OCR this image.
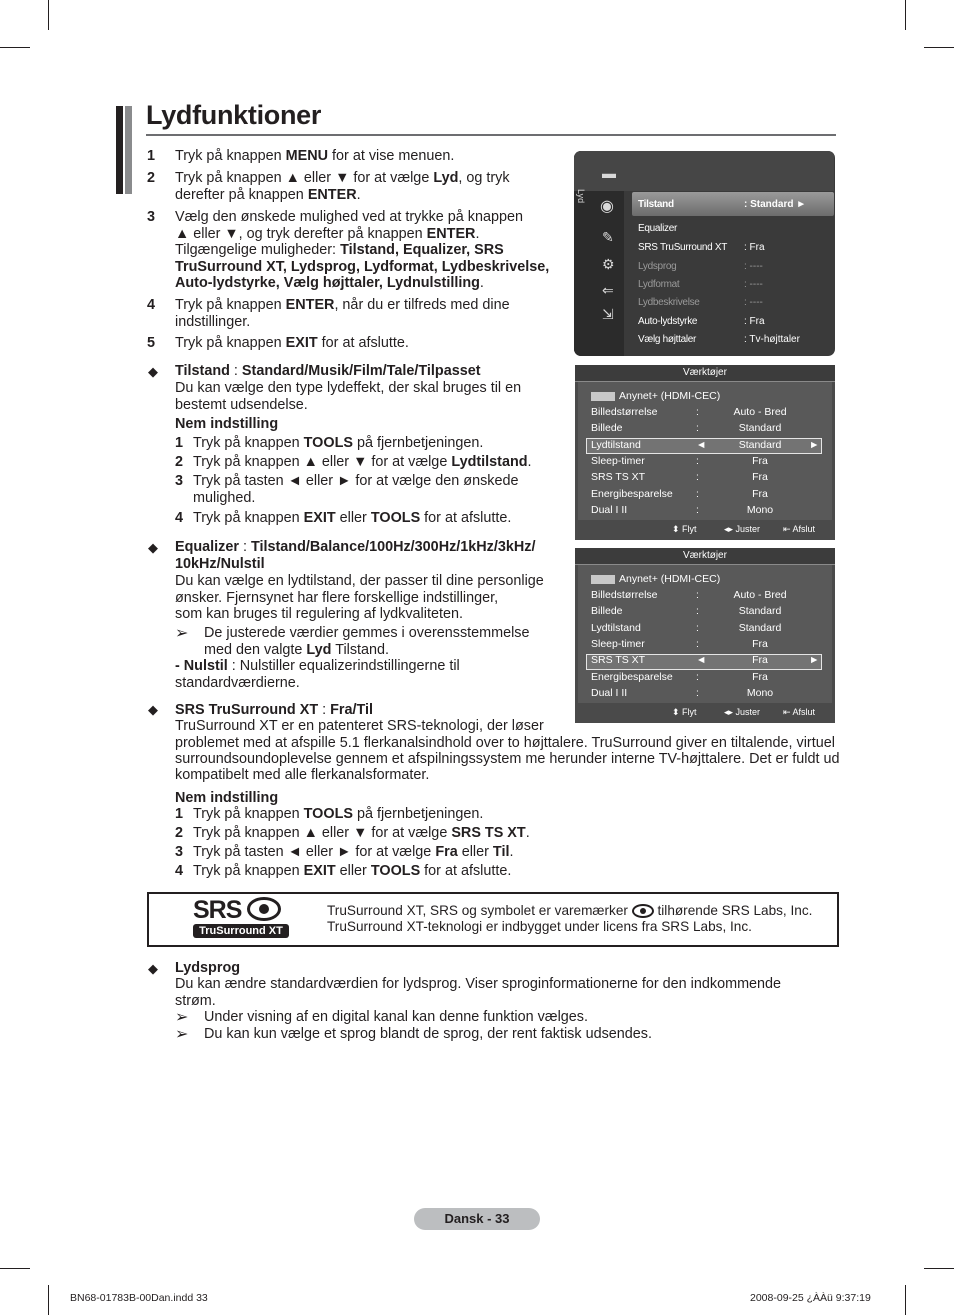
Lydfunktioner
1 Tryk på knappen MENU for at vise menuen.
2 Tryk på knappen ▲ eller ▼ for at vælge Lyd, og tryk
derefter på knappen ENTER.
3 Vælg den ønskede mulighed ved at trykke på knappen
▲ eller ▼, og tryk derefter på knappen ENTER.
Tilgængelige muligheder: Tilstand, Equalizer, SRS
TruSurround XT, Lydsprog, Lydformat, Lydbeskrivelse,
Auto-lydstyrke, Vælg højttaler, Lydnulstilling.
4 Tryk på knappen ENTER, når du er tilfreds med dine
indstillinger.
5 Tryk på knappen EXIT for at afslutte.
◆ Tilstand : Standard/Musik/Film/Tale/Tilpasset
Du kan vælge den type lydeffekt, der skal bruges til en
bestemt udsendelse.
Nem indstilling
1 Tryk på knappen TOOLS på fjernbetjeningen.
2 Tryk på knappen ▲ eller ▼ for at vælge Lydtilstand.
3 Tryk på tasten ◄ eller ► for at vælge den ønskede
mulighed.
4 Tryk på knappen EXIT eller TOOLS for at afslutte.
◆ Equalizer : Tilstand/Balance/100Hz/300Hz/1kHz/3kHz/
10kHz/Nulstil
Du kan vælge en lydtilstand, der passer til dine personlige
ønsker. Fjernsynet har flere forskellige indstillinger,
som kan bruges til regulering af lydkvaliteten.
➢ De justerede værdier gemmes i overensstemmelse
med den valgte Lyd Tilstand.
- Nulstil : Nulstiller equalizerindstillingerne til
standardværdierne.
◆ SRS TruSurround XT : Fra/Til
TruSurround XT er en patenteret SRS-teknologi, der løser
problemet med at afspille 5.1 flerkanalsindhold over to højttalere. TruSurround giver en tiltalende, virtuel
surroundsoundoplevelse gennem et afspilningssystem me herunder interne TV-højttalere. Det er fuldt ud
kompatibelt med alle flerkanalsformater.
Nem indstilling
1 Tryk på knappen TOOLS på fjernbetjeningen.
2 Tryk på knappen ▲ eller ▼ for at vælge SRS TS XT.
3 Tryk på tasten ◄ eller ► for at vælge Fra eller Til.
4 Tryk på knappen EXIT eller TOOLS for at afslutte.
SRS
TruSurround XT
TruSurround XT, SRS og symbolet er varemærker tilhørende SRS Labs, Inc.
TruSurround XT-teknologi er indbygget under licens fra SRS Labs, Inc.
◆ Lydsprog
Du kan ændre standardværdien for lydsprog. Viser sproginformationerne for den indkommende
strøm.
➢ Under visning af en digital kanal kan denne funktion vælges.
➢ Du kan kun vælge et sprog blandt de sprog, der rent faktisk udsendes.
Lyd
▬
◉
✎
⚙
⇐
⇲
Tilstand	: Standard ►
Equalizer
SRS TruSurround XT : Fra
Lydsprog	: ----
Lydformat	: ----
Lydbeskrivelse	: ----
Auto-lydstyrke	: Fra
Vælg højttaler	: Tv-højttaler
Værktøjer
Anynet+ (HDMI-CEC)
Billedstørrelse	:	Auto - Bred
Billede	:	Standard
Lydtilstand	◄	Standard	►
Sleep-timer	:	Fra
SRS TS XT	:	Fra
Energibesparelse :	Fra
Dual I II	:	Mono
⬍ Flyt	◂▸ Juster	⇤ Afslut
Værktøjer
Anynet+ (HDMI-CEC)
Billedstørrelse	:	Auto - Bred
Billede	:	Standard
Lydtilstand	:	Standard
Sleep-timer	:	Fra
SRS TS XT	◄	Fra	►
Energibesparelse :	Fra
Dual I II	:	Mono
⬍ Flyt	◂▸ Juster	⇤ Afslut
Dansk - 33
BN68-01783B-00Dan.indd 33	2008-09-25 ¿ÀÀü 9:37:19
